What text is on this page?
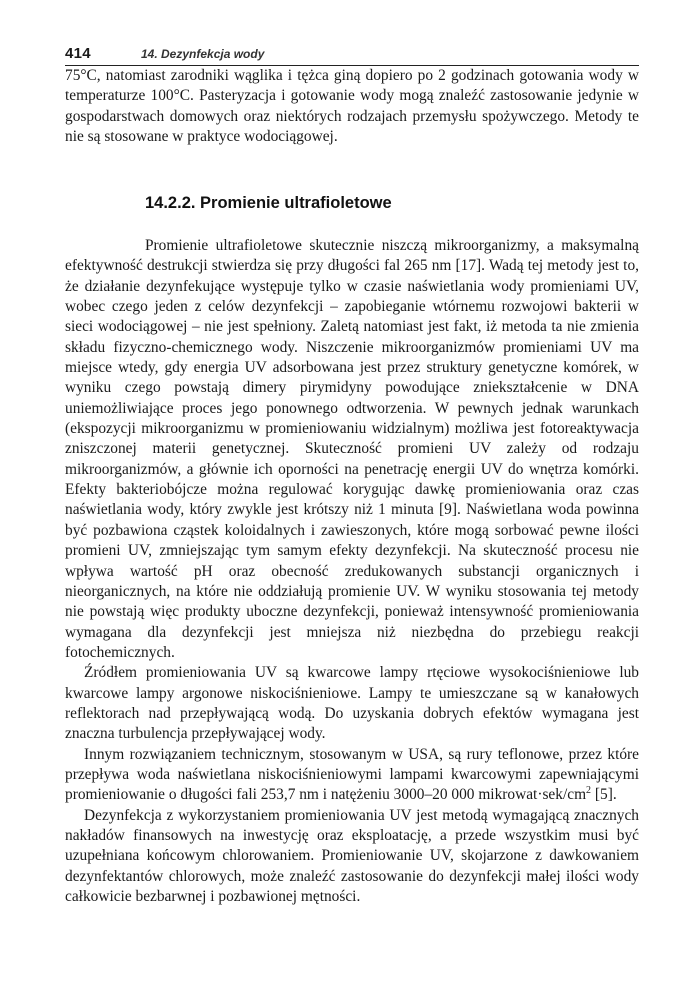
414	14. Dezynfekcja wody

75°C, natomiast zarodniki wąglika i tężca giną dopiero po 2 godzinach gotowania wody w temperaturze 100°C. Pasteryzacja i gotowanie wody mogą znaleźć zastosowanie jedynie w gospodarstwach domowych oraz niektórych rodzajach przemysłu spożywczego. Metody te nie są stosowane w praktyce wodociągowej.

14.2.2. Promienie ultrafioletowe

Promienie ultrafioletowe skutecznie niszczą mikroorganizmy, a maksymalną efektywność destrukcji stwierdza się przy długości fal 265 nm [17]. Wadą tej metody jest to, że działanie dezynfekujące występuje tylko w czasie naświetlania wody promieniami UV, wobec czego jeden z celów dezynfekcji – zapobieganie wtórnemu rozwojowi bakterii w sieci wodociągowej – nie jest spełniony. Zaletą natomiast jest fakt, iż metoda ta nie zmienia składu fizyczno-chemicznego wody. Niszczenie mikroorganizmów promieniami UV ma miejsce wtedy, gdy energia UV adsorbowana jest przez struktury genetyczne komórek, w wyniku czego powstają dimery pirymidyny powodujące zniekształcenie w DNA uniemożliwiające proces jego ponownego odtworzenia. W pewnych jednak warunkach (ekspozycji mikroorganizmu w promieniowaniu widzialnym) możliwa jest fotoreaktywacja zniszczonej materii genetycznej. Skuteczność promieni UV zależy od rodzaju mikroorganizmów, a głównie ich oporności na penetrację energii UV do wnętrza komórki. Efekty bakteriobójcze można regulować korygując dawkę promieniowania oraz czas naświetlania wody, który zwykle jest krótszy niż 1 minuta [9]. Naświetlana woda powinna być pozbawiona cząstek koloidalnych i zawieszonych, które mogą sorbować pewne ilości promieni UV, zmniejszając tym samym efekty dezynfekcji. Na skuteczność procesu nie wpływa wartość pH oraz obecność zredukowanych substancji organicznych i nieorganicznych, na które nie oddziałują promienie UV. W wyniku stosowania tej metody nie powstają więc produkty uboczne dezynfekcji, ponieważ intensywność promieniowania wymagana dla dezynfekcji jest mniejsza niż niezbędna do przebiegu reakcji fotochemicznych.

Źródłem promieniowania UV są kwarcowe lampy rtęciowe wysokociśnieniowe lub kwarcowe lampy argonowe niskociśnieniowe. Lampy te umieszczane są w kanałowych reflektorach nad przepływającą wodą. Do uzyskania dobrych efektów wymagana jest znaczna turbulencja przepływającej wody.

Innym rozwiązaniem technicznym, stosowanym w USA, są rury teflonowe, przez które przepływa woda naświetlana niskociśnieniowymi lampami kwarcowymi zapewniającymi promieniowanie o długości fali 253,7 nm i natężeniu 3000–20 000 $mikrowat\cdot sek/cm^2$ [5].

Dezynfekcja z wykorzystaniem promieniowania UV jest metodą wymagającą znacznych nakładów finansowych na inwestycję oraz eksploatację, a przede wszystkim musi być uzupełniana końcowym chlorowaniem. Promieniowanie UV, skojarzone z dawkowaniem dezynfektantów chlorowych, może znaleźć zastosowanie do dezynfekcji małej ilości wody całkowicie bezbarwnej i pozbawionej mętności.
